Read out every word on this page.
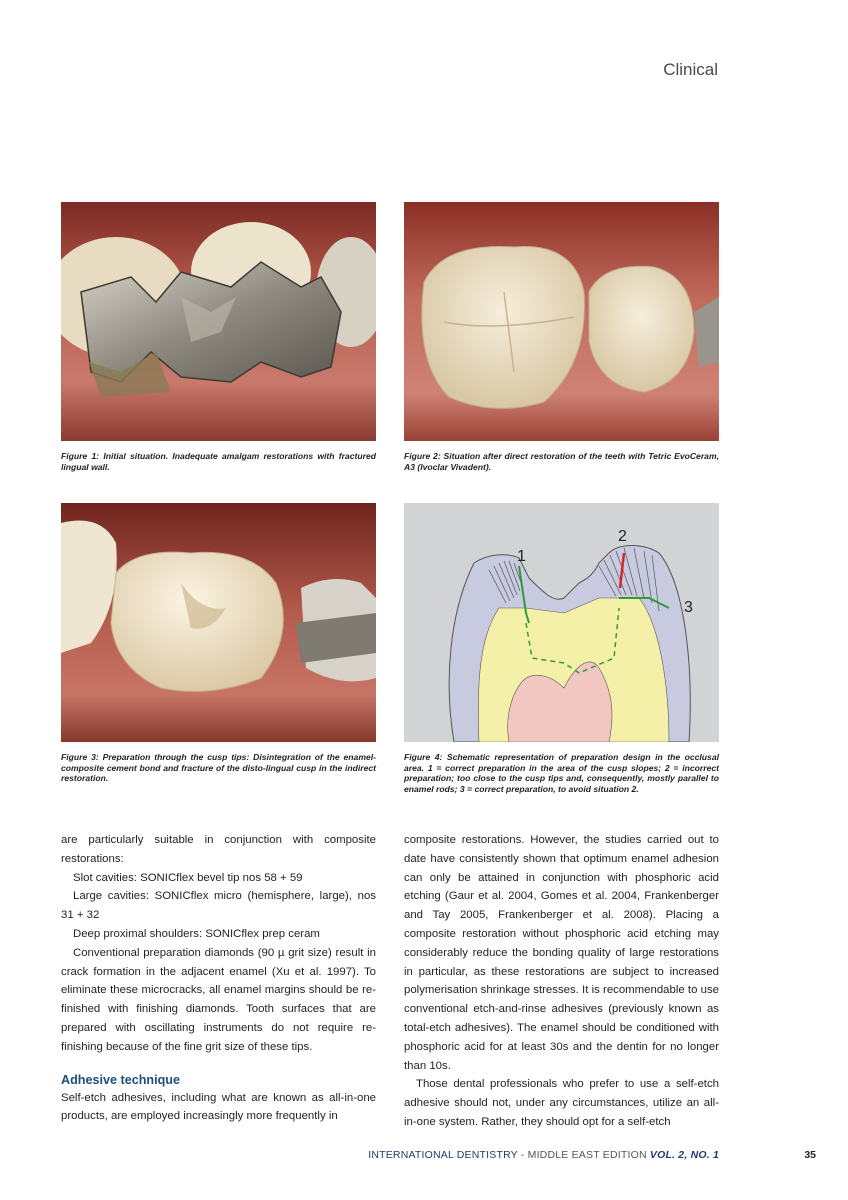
Clinical
Figure 1: Initial situation. Inadequate amalgam restorations with fractured lingual wall.
Figure 2: Situation after direct restoration of the teeth with Tetric EvoCeram, A3 (Ivoclar Vivadent).
Figure 3: Preparation through the cusp tips: Disintegration of the enamel-composite cement bond and fracture of the disto-lingual cusp in the indirect restoration.
1
2
3
Figure 4: Schematic representation of preparation design in the occlusal area. 1 = correct preparation in the area of the cusp slopes; 2 = incorrect preparation; too close to the cusp tips and, consequently, mostly parallel to enamel rods; 3 = correct preparation, to avoid situation 2.

are particularly suitable in conjunction with composite restorations:

Slot cavities: SONICflex bevel tip nos 58 + 59

Large cavities: SONICflex micro (hemisphere, large), nos 31 + 32

Deep proximal shoulders: SONICflex prep ceram

Conventional preparation diamonds (90 µ grit size) result in crack formation in the adjacent enamel (Xu et al. 1997). To eliminate these microcracks, all enamel margins should be re-finished with finishing diamonds. Tooth surfaces that are prepared with oscillating instruments do not require re-finishing because of the fine grit size of these tips.

Adhesive technique

Self-etch adhesives, including what are known as all-in-one products, are employed increasingly more frequently in

composite restorations. However, the studies carried out to date have consistently shown that optimum enamel adhesion can only be attained in conjunction with phosphoric acid etching (Gaur et al. 2004, Gomes et al. 2004, Frankenberger and Tay 2005, Frankenberger et al. 2008). Placing a composite restoration without phosphoric acid etching may considerably reduce the bonding quality of large restorations in particular, as these restorations are subject to increased polymerisation shrinkage stresses. It is recommendable to use conventional etch-and-rinse adhesives (previously known as total-etch adhesives). The enamel should be conditioned with phosphoric acid for at least 30s and the dentin for no longer than 10s.

Those dental professionals who prefer to use a self-etch adhesive should not, under any circumstances, utilize an all-in-one system. Rather, they should opt for a self-etch

INTERNATIONAL DENTISTRY - MIDDLE EAST EDITION VOL. 2, NO. 1	35
